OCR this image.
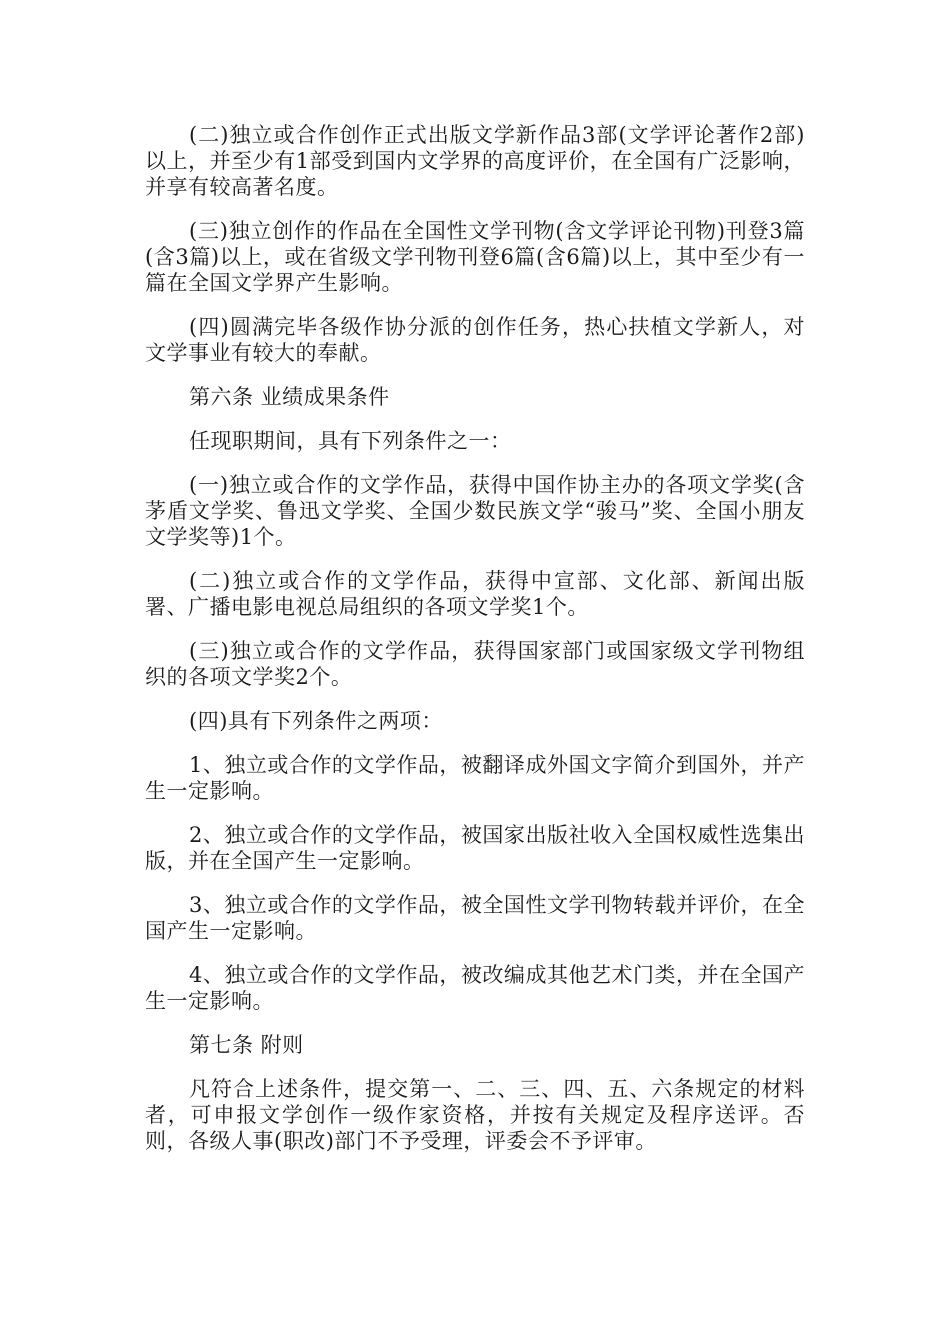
(二)独立或合作创作正式出版文学新作品3部(文学评论著作2部)以上，并至少有1部受到国内文学界的高度评价，在全国有广泛影响，并享有较高著名度。

(三)独立创作的作品在全国性文学刊物(含文学评论刊物)刊登3篇(含3篇)以上，或在省级文学刊物刊登6篇(含6篇)以上，其中至少有一篇在全国文学界产生影响。

(四)圆满完毕各级作协分派的创作任务，热心扶植文学新人，对文学事业有较大的奉献。

第六条 业绩成果条件

任现职期间，具有下列条件之一：

(一)独立或合作的文学作品，获得中国作协主办的各项文学奖(含茅盾文学奖、鲁迅文学奖、全国少数民族文学“骏马”奖、全国小朋友文学奖等)1个。

(二)独立或合作的文学作品，获得中宣部、文化部、新闻出版署、广播电影电视总局组织的各项文学奖1个。

(三)独立或合作的文学作品，获得国家部门或国家级文学刊物组织的各项文学奖2个。

(四)具有下列条件之两项：

1、独立或合作的文学作品，被翻译成外国文字简介到国外，并产生一定影响。

2、独立或合作的文学作品，被国家出版社收入全国权威性选集出版，并在全国产生一定影响。

3、独立或合作的文学作品，被全国性文学刊物转载并评价，在全国产生一定影响。

4、独立或合作的文学作品，被改编成其他艺术门类，并在全国产生一定影响。

第七条 附则

凡符合上述条件，提交第一、二、三、四、五、六条规定的材料者，可申报文学创作一级作家资格，并按有关规定及程序送评。否则，各级人事(职改)部门不予受理，评委会不予评审。
